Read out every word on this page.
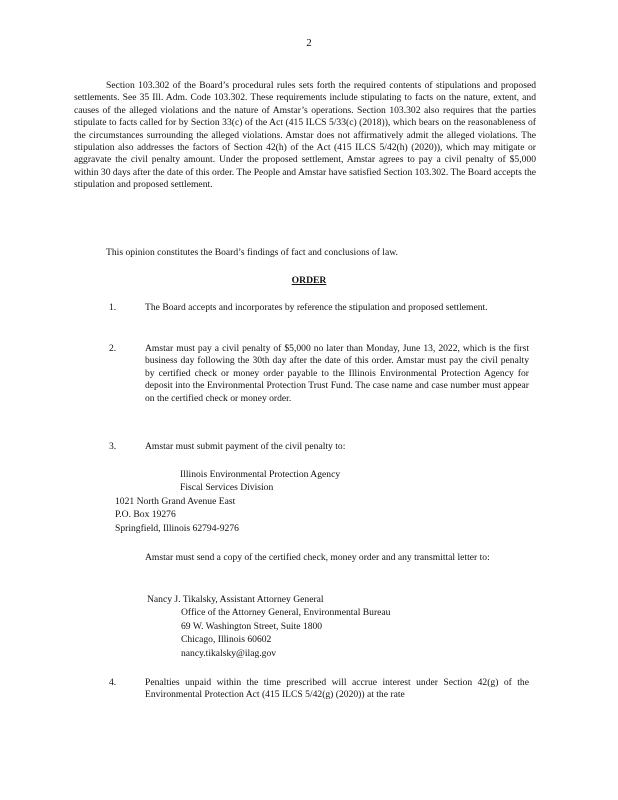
2
Section 103.302 of the Board’s procedural rules sets forth the required contents of stipulations and proposed settlements. See 35 Ill. Adm. Code 103.302. These requirements include stipulating to facts on the nature, extent, and causes of the alleged violations and the nature of Amstar’s operations. Section 103.302 also requires that the parties stipulate to facts called for by Section 33(c) of the Act (415 ILCS 5/33(c) (2018)), which bears on the reasonableness of the circumstances surrounding the alleged violations. Amstar does not affirmatively admit the alleged violations. The stipulation also addresses the factors of Section 42(h) of the Act (415 ILCS 5/42(h) (2020)), which may mitigate or aggravate the civil penalty amount. Under the proposed settlement, Amstar agrees to pay a civil penalty of $5,000 within 30 days after the date of this order. The People and Amstar have satisfied Section 103.302. The Board accepts the stipulation and proposed settlement.
This opinion constitutes the Board’s findings of fact and conclusions of law.
ORDER
1.	The Board accepts and incorporates by reference the stipulation and proposed settlement.
2.	Amstar must pay a civil penalty of $5,000 no later than Monday, June 13, 2022, which is the first business day following the 30th day after the date of this order. Amstar must pay the civil penalty by certified check or money order payable to the Illinois Environmental Protection Agency for deposit into the Environmental Protection Trust Fund. The case name and case number must appear on the certified check or money order.
3.	Amstar must submit payment of the civil penalty to:
Illinois Environmental Protection Agency
Fiscal Services Division
1021 North Grand Avenue East
P.O. Box 19276
Springfield, Illinois 62794-9276
Amstar must send a copy of the certified check, money order and any transmittal letter to:
Nancy J. Tikalsky, Assistant Attorney General
Office of the Attorney General, Environmental Bureau
69 W. Washington Street, Suite 1800
Chicago, Illinois 60602
nancy.tikalsky@ilag.gov
4.	Penalties unpaid within the time prescribed will accrue interest under Section 42(g) of the Environmental Protection Act (415 ILCS 5/42(g) (2020)) at the rate
